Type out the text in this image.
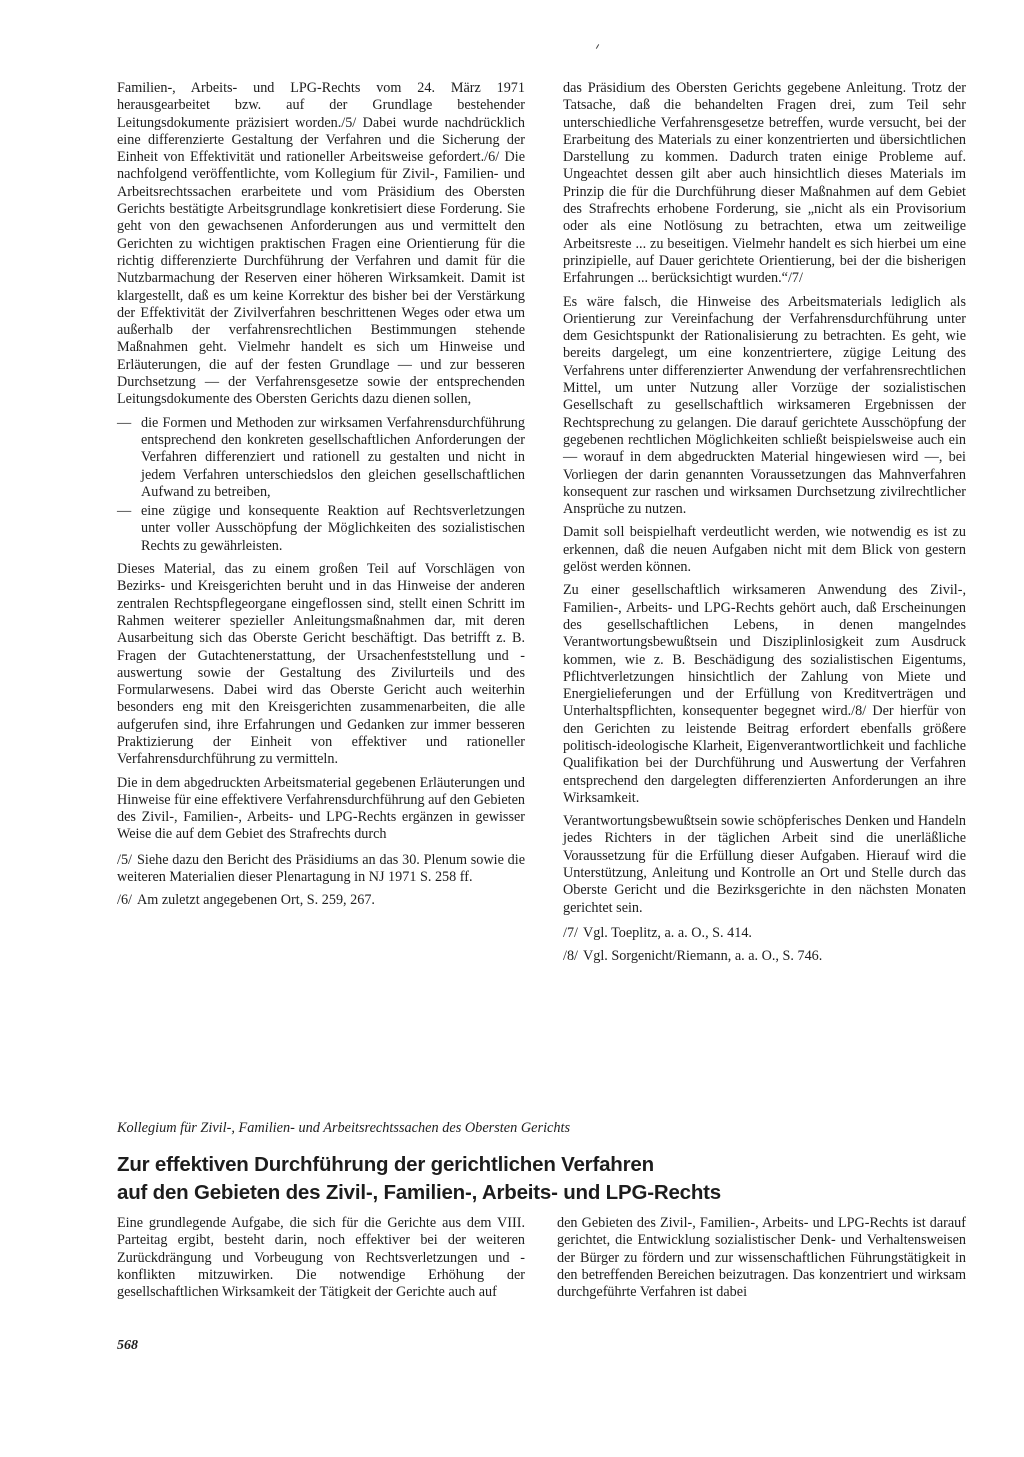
Familien-, Arbeits- und LPG-Rechts vom 24. März 1971 herausgearbeitet bzw. auf der Grundlage bestehender Leitungsdokumente präzisiert worden./5/ Dabei wurde nachdrücklich eine differenzierte Gestaltung der Verfahren und die Sicherung der Einheit von Effektivität und rationeller Arbeitsweise gefordert./6/ Die nachfolgend veröffentlichte, vom Kollegium für Zivil-, Familien- und Arbeitsrechtssachen erarbeitete und vom Präsidium des Obersten Gerichts bestätigte Arbeitsgrundlage konkretisiert diese Forderung. Sie geht von den gewachsenen Anforderungen aus und vermittelt den Gerichten zu wichtigen praktischen Fragen eine Orientierung für die richtig differenzierte Durchführung der Verfahren und damit für die Nutzbarmachung der Reserven einer höheren Wirksamkeit. Damit ist klargestellt, daß es um keine Korrektur des bisher bei der Verstärkung der Effektivität der Zivilverfahren beschrittenen Weges oder etwa um außerhalb der verfahrensrechtlichen Bestimmungen stehende Maßnahmen geht. Vielmehr handelt es sich um Hinweise und Erläuterungen, die auf der festen Grundlage — und zur besseren Durchsetzung — der Verfahrensgesetze sowie der entsprechenden Leitungsdokumente des Obersten Gerichts dazu dienen sollen,

— die Formen und Methoden zur wirksamen Verfahrensdurchführung entsprechend den konkreten gesellschaftlichen Anforderungen der Verfahren differenziert und rationell zu gestalten und nicht in jedem Verfahren unterschiedslos den gleichen gesellschaftlichen Aufwand zu betreiben,
— eine zügige und konsequente Reaktion auf Rechtsverletzungen unter voller Ausschöpfung der Möglichkeiten des sozialistischen Rechts zu gewährleisten.

Dieses Material, das zu einem großen Teil auf Vorschlägen von Bezirks- und Kreisgerichten beruht und in das Hinweise der anderen zentralen Rechtspflegeorgane eingeflossen sind, stellt einen Schritt im Rahmen weiterer spezieller Anleitungsmaßnahmen dar, mit deren Ausarbeitung sich das Oberste Gericht beschäftigt. Das betrifft z. B. Fragen der Gutachtenerstattung, der Ursachenfeststellung und -auswertung sowie der Gestaltung des Zivilurteils und des Formularwesens. Dabei wird das Oberste Gericht auch weiterhin besonders eng mit den Kreisgerichten zusammenarbeiten, die alle aufgerufen sind, ihre Erfahrungen und Gedanken zur immer besseren Praktizierung der Einheit von effektiver und rationeller Verfahrensdurchführung zu vermitteln.

Die in dem abgedruckten Arbeitsmaterial gegebenen Erläuterungen und Hinweise für eine effektivere Verfahrensdurchführung auf den Gebieten des Zivil-, Familien-, Arbeits- und LPG-Rechts ergänzen in gewisser Weise die auf dem Gebiet des Strafrechts durch

/5/ Siehe dazu den Bericht des Präsidiums an das 30. Plenum sowie die weiteren Materialien dieser Plenartagung in NJ 1971 S. 258 ff.

/6/ Am zuletzt angegebenen Ort, S. 259, 267.

das Präsidium des Obersten Gerichts gegebene Anleitung. Trotz der Tatsache, daß die behandelten Fragen drei, zum Teil sehr unterschiedliche Verfahrensgesetze betreffen, wurde versucht, bei der Erarbeitung des Materials zu einer konzentrierten und übersichtlichen Darstellung zu kommen. Dadurch traten einige Probleme auf. Ungeachtet dessen gilt aber auch hinsichtlich dieses Materials im Prinzip die für die Durchführung dieser Maßnahmen auf dem Gebiet des Strafrechts erhobene Forderung, sie „nicht als ein Provisorium oder als eine Notlösung zu betrachten, etwa um zeitweilige Arbeitsreste ... zu beseitigen. Vielmehr handelt es sich hierbei um eine prinzipielle, auf Dauer gerichtete Orientierung, bei der die bisherigen Erfahrungen ... berücksichtigt wurden.“/7/

Es wäre falsch, die Hinweise des Arbeitsmaterials lediglich als Orientierung zur Vereinfachung der Verfahrensdurchführung unter dem Gesichtspunkt der Rationalisierung zu betrachten. Es geht, wie bereits dargelegt, um eine konzentriertere, zügige Leitung des Verfahrens unter differenzierter Anwendung der verfahrensrechtlichen Mittel, um unter Nutzung aller Vorzüge der sozialistischen Gesellschaft zu gesellschaftlich wirksameren Ergebnissen der Rechtsprechung zu gelangen. Die darauf gerichtete Ausschöpfung der gegebenen rechtlichen Möglichkeiten schließt beispielsweise auch ein — worauf in dem abgedruckten Material hingewiesen wird —, bei Vorliegen der darin genannten Voraussetzungen das Mahnverfahren konsequent zur raschen und wirksamen Durchsetzung zivilrechtlicher Ansprüche zu nutzen.

Damit soll beispielhaft verdeutlicht werden, wie notwendig es ist zu erkennen, daß die neuen Aufgaben nicht mit dem Blick von gestern gelöst werden können.

Zu einer gesellschaftlich wirksameren Anwendung des Zivil-, Familien-, Arbeits- und LPG-Rechts gehört auch, daß Erscheinungen des gesellschaftlichen Lebens, in denen mangelndes Verantwortungsbewußtsein und Disziplinlosigkeit zum Ausdruck kommen, wie z. B. Beschädigung des sozialistischen Eigentums, Pflichtverletzungen hinsichtlich der Zahlung von Miete und Energielieferungen und der Erfüllung von Kreditverträgen und Unterhaltspflichten, konsequenter begegnet wird./8/ Der hierfür von den Gerichten zu leistende Beitrag erfordert ebenfalls größere politisch-ideologische Klarheit, Eigenverantwortlichkeit und fachliche Qualifikation bei der Durchführung und Auswertung der Verfahren entsprechend den dargelegten differenzierten Anforderungen an ihre Wirksamkeit.

Verantwortungsbewußtsein sowie schöpferisches Denken und Handeln jedes Richters in der täglichen Arbeit sind die unerläßliche Voraussetzung für die Erfüllung dieser Aufgaben. Hierauf wird die Unterstützung, Anleitung und Kontrolle an Ort und Stelle durch das Oberste Gericht und die Bezirksgerichte in den nächsten Monaten gerichtet sein.

/7/ Vgl. Toeplitz, a. a. O., S. 414.

/8/ Vgl. Sorgenicht/Riemann, a. a. O., S. 746.

Kollegium für Zivil-, Familien- und Arbeitsrechtssachen des Obersten Gerichts

Zur effektiven Durchführung der gerichtlichen Verfahren
auf den Gebieten des Zivil-, Familien-, Arbeits- und LPG-Rechts

Eine grundlegende Aufgabe, die sich für die Gerichte aus dem VIII. Parteitag ergibt, besteht darin, noch effektiver bei der weiteren Zurückdrängung und Vorbeugung von Rechtsverletzungen und -konflikten mitzuwirken. Die notwendige Erhöhung der gesellschaftlichen Wirksamkeit der Tätigkeit der Gerichte auch auf

den Gebieten des Zivil-, Familien-, Arbeits- und LPG-Rechts ist darauf gerichtet, die Entwicklung sozialistischer Denk- und Verhaltensweisen der Bürger zu fördern und zur wissenschaftlichen Führungstätigkeit in den betreffenden Bereichen beizutragen. Das konzentriert und wirksam durchgeführte Verfahren ist dabei

568
